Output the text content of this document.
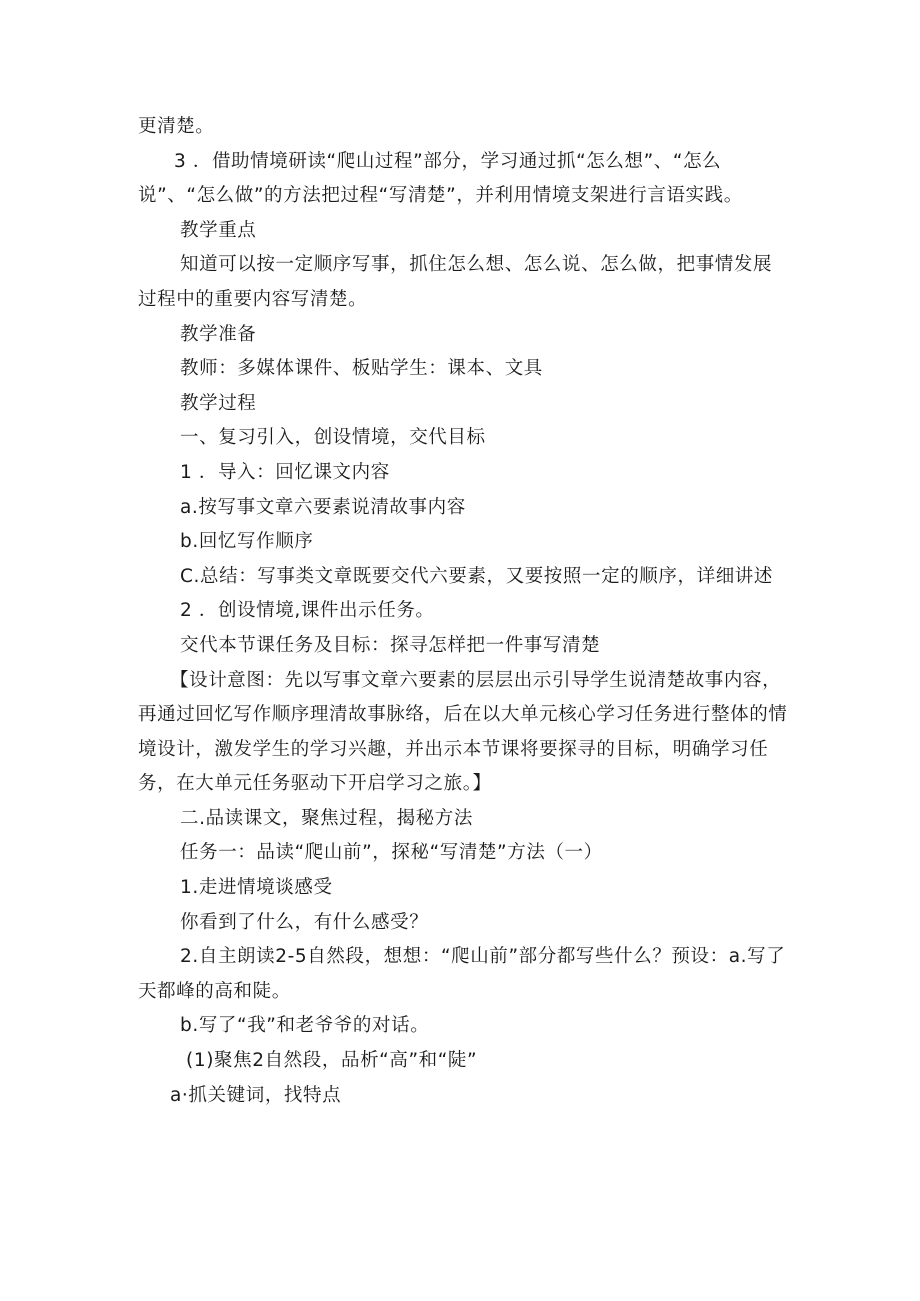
更清楚。

3 ．借助情境研读“爬山过程”部分，学习通过抓“怎么想”、“怎么说”、“怎么做”的方法把过程“写清楚”，并利用情境支架进行言语实践。

教学重点

知道可以按一定顺序写事，抓住怎么想、怎么说、怎么做，把事情发展过程中的重要内容写清楚。

教学准备

教师：多媒体课件、板贴学生：课本、文具

教学过程

一、复习引入，创设情境，交代目标

1 ．导入：回忆课文内容

a.按写事文章六要素说清故事内容

b.回忆写作顺序

C.总结：写事类文章既要交代六要素，又要按照一定的顺序，详细讲述

2 ．创设情境,课件出示任务。

交代本节课任务及目标：探寻怎样把一件事写清楚

【设计意图：先以写事文章六要素的层层出示引导学生说清楚故事内容，再通过回忆写作顺序理清故事脉络，后在以大单元核心学习任务进行整体的情境设计，激发学生的学习兴趣，并出示本节课将要探寻的目标，明确学习任务，在大单元任务驱动下开启学习之旅。】

二.品读课文，聚焦过程，揭秘方法

任务一：品读“爬山前”，探秘“写清楚”方法（一）

1.走进情境谈感受

你看到了什么，有什么感受？

2.自主朗读2-5自然段，想想：“爬山前”部分都写些什么？预设：a.写了天都峰的高和陡。

b.写了“我”和老爷爷的对话。

(1)聚焦2自然段，品析“高”和“陡”

a·抓关键词，找特点
